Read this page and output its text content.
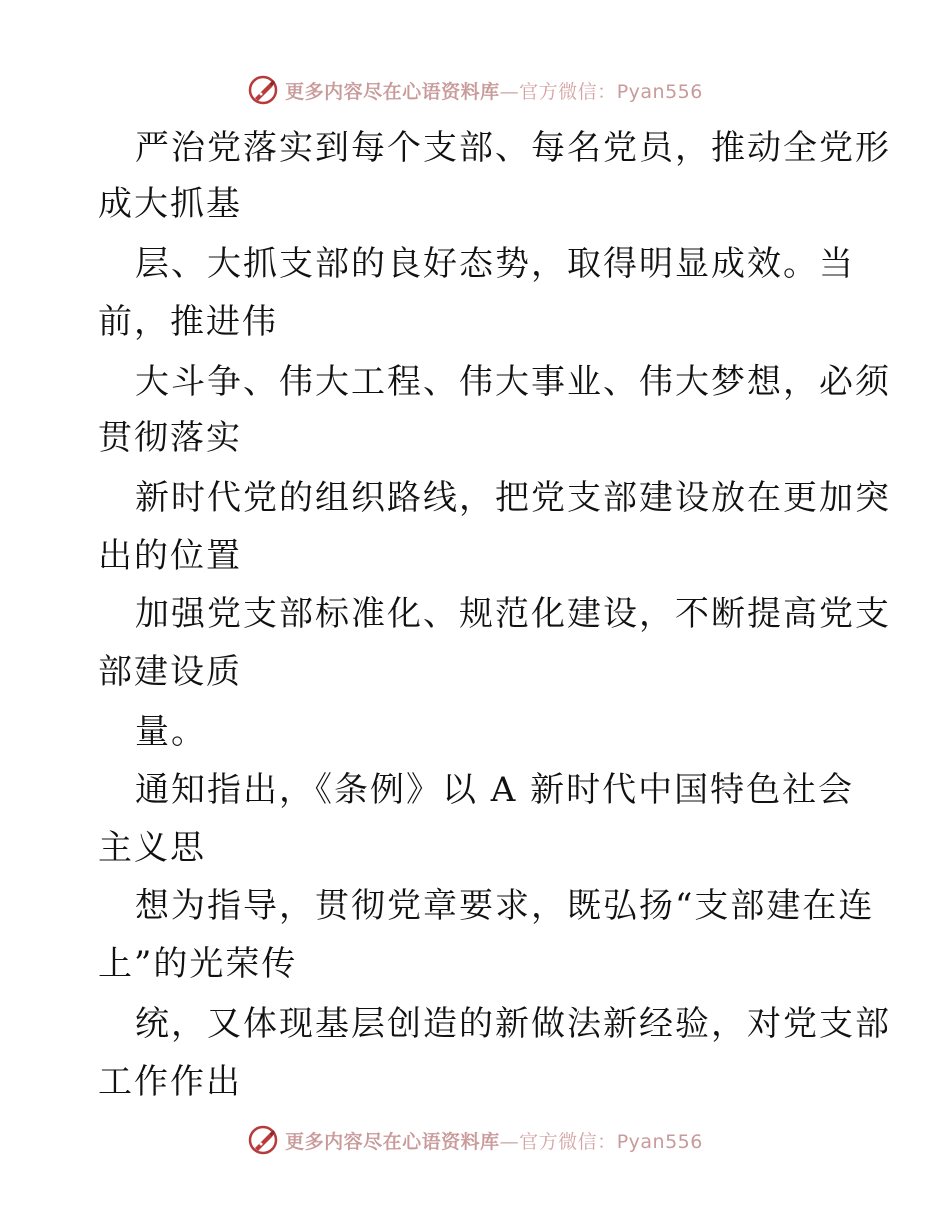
更多内容尽在心语资料库—官方微信：Pyan556
严治党落实到每个支部、每名党员，推动全党形
成大抓基
层、大抓支部的良好态势，取得明显成效。当
前，推进伟
大斗争、伟大工程、伟大事业、伟大梦想，必须
贯彻落实
新时代党的组织路线，把党支部建设放在更加突
出的位置
加强党支部标准化、规范化建设，不断提高党支
部建设质
量。
通知指出，《条例》以 A 新时代中国特色社会
主义思
想为指导，贯彻党章要求，既弘扬“支部建在连
上”的光荣传
统，又体现基层创造的新做法新经验，对党支部
工作作出
更多内容尽在心语资料库—官方微信：Pyan556
